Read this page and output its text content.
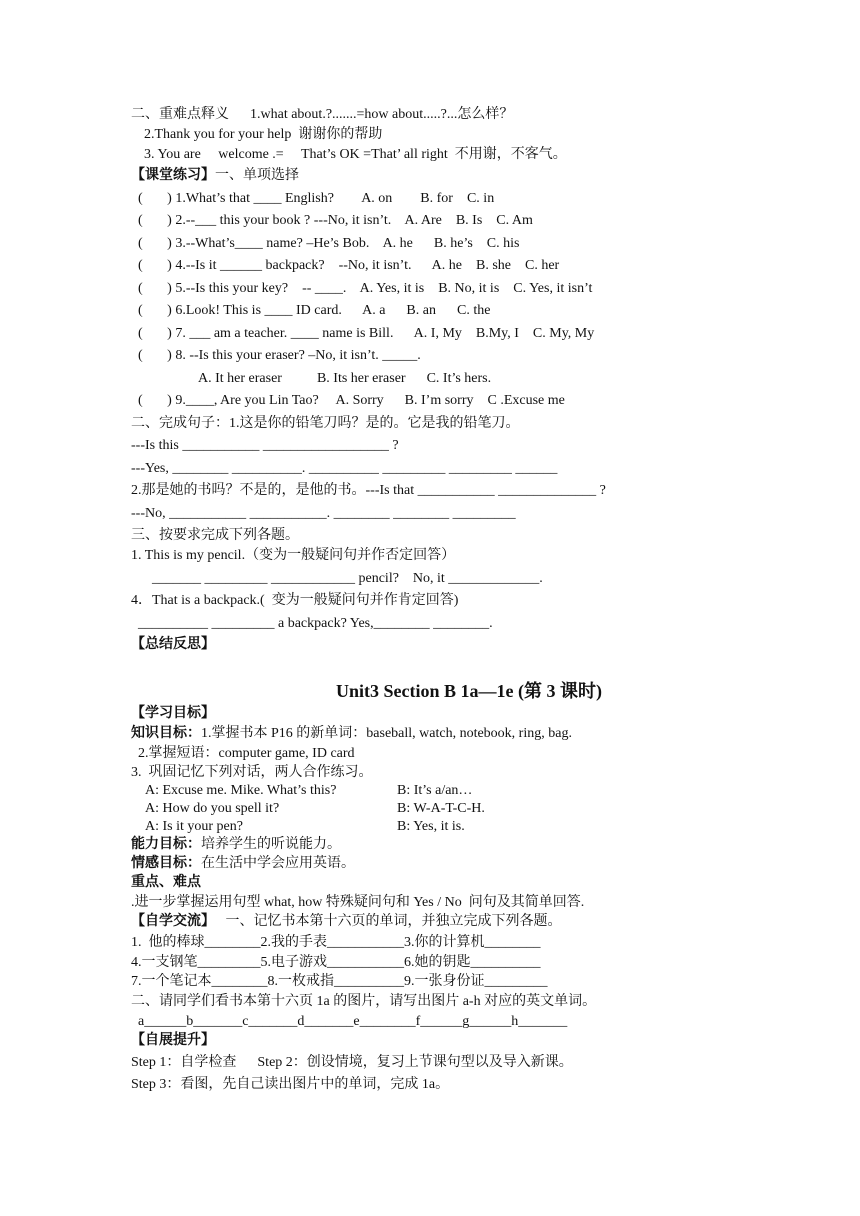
二、重难点释义      1.what about.?.......=how about.....?...怎么样？
2.Thank you for your help  谢谢你的帮助
3. You are     welcome .=     That’s OK =That’ all right  不用谢，不客气。
【课堂练习】一、单项选择
(       ) 1.What’s that ____ English?        A. on        B. for    C. in
(       ) 2.--___ this your book ? ---No, it isn’t.    A. Are    B. Is    C. Am
(       ) 3.--What’s____ name? –He’s Bob.    A. he      B. he’s    C. his
(       ) 4.--Is it ______ backpack?    --No, it isn’t.      A. he    B. she    C. her
(       ) 5.--Is this your key?    -- ____.    A. Yes, it is    B. No, it is    C. Yes, it isn’t
(       ) 6.Look! This is ____ ID card.      A. a      B. an      C. the
(       ) 7. ___ am a teacher. ____ name is Bill.      A. I, My    B.My, I    C. My, My
(       ) 8. --Is this your eraser? –No, it isn’t. _____.
A. It her eraser          B. Its her eraser      C. It’s hers.
(       ) 9.____, Are you Lin Tao?     A. Sorry      B. I’m sorry    C .Excuse me
二、完成句子：1.这是你的铅笔刀吗？是的。它是我的铅笔刀。
---Is this ___________ __________________ ?
---Yes, ________ __________. __________ _________ _________ ______
2.那是她的书吗？不是的，是他的书。---Is that ___________ ______________ ?
---No, ___________ ___________. ________ ________ _________
三、按要求完成下列各题。
1. This is my pencil.（变为一般疑问句并作否定回答）
_______ _________ ____________ pencil?    No, it _____________.
4．That is a backpack.(  变为一般疑问句并作肯定回答)
__________ _________ a backpack? Yes,________ ________.
【总结反思】
Unit3 Section B 1a—1e (第 3 课时)
【学习目标】
知识目标：1.掌握书本 P16 的新单词：baseball, watch, notebook, ring, bag.
2.掌握短语：computer game, ID card
3.  巩固记忆下列对话，两人合作练习。
A: Excuse me. Mike. What’s this?	B: It’s a/an…
A: How do you spell it?	B: W-A-T-C-H.
A: Is it your pen?	B: Yes, it is.
能力目标：培养学生的听说能力。
情感目标：在生活中学会应用英语。
重点、难点
.进一步掌握运用句型 what, how 特殊疑问句和 Yes / No  问句及其简单回答.
【自学交流】   一、记忆书本第十六页的单词，并独立完成下列各题。
1.  他的棒球________2.我的手表___________3.你的计算机________
4.一支钢笔_________5.电子游戏___________6.她的钥匙__________
7.一个笔记本________8.一枚戒指__________9.一张身份证_________
二、请同学们看书本第十六页 1a 的图片，请写出图片 a-h 对应的英文单词。
a______b_______c_______d_______e________f______g______h_______
【自展提升】
Step 1：自学检查      Step 2：创设情境，复习上节课句型以及导入新课。
Step 3：看图，先自己读出图片中的单词，完成 1a。
